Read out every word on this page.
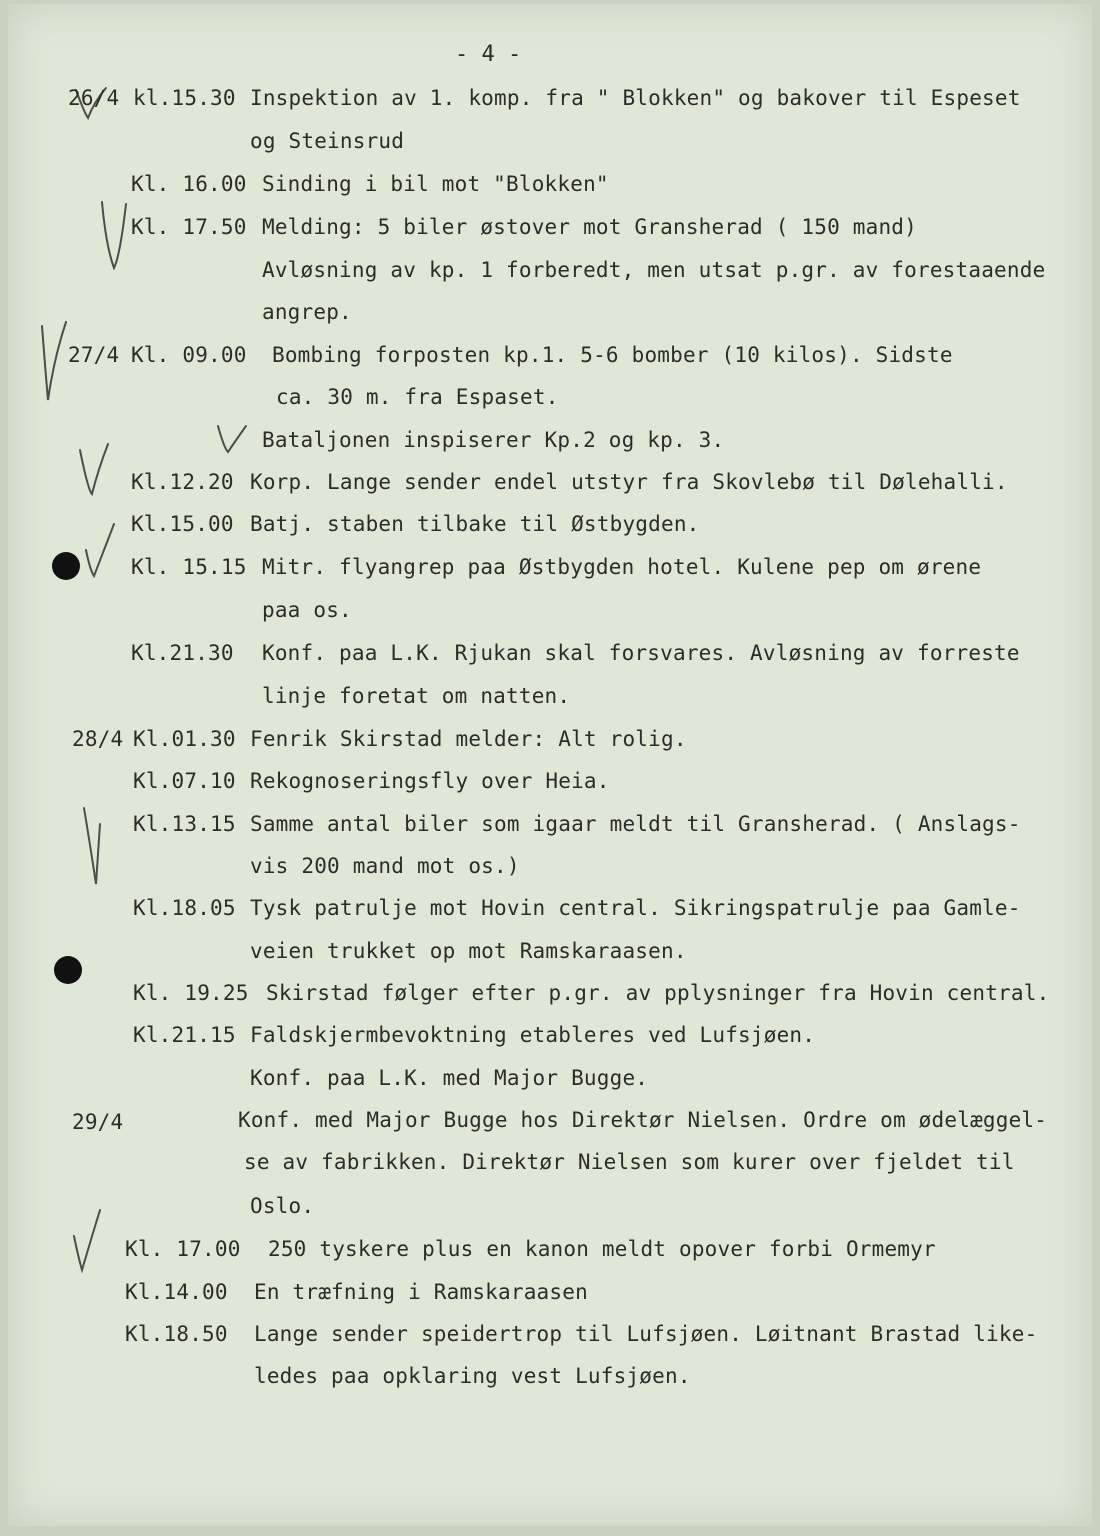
- 4 -
26/4 kl.15.30 Inspektion av 1. komp. fra " Blokken" og bakover til Espeset
og Steinsrud
Kl. 16.00 Sinding i bil mot "Blokken"
Kl. 17.50 Melding: 5 biler østover mot Gransherad ( 150 mand)
Avløsning av kp. 1 forberedt, men utsat p.gr. av forestaaende
angrep.
27/4 Kl. 09.00 Bombing forposten kp.1. 5-6 bomber (10 kilos). Sidste
ca. 30 m. fra Espaset.
Bataljonen inspiserer Kp.2 og kp. 3.
Kl.12.20 Korp. Lange sender endel utstyr fra Skovlebø til Dølehalli.
Kl.15.00 Batj. staben tilbake til Østbygden.
Kl. 15.15 Mitr. flyangrep paa Østbygden hotel. Kulene pep om ørene
paa os.
Kl.21.30 Konf. paa L.K. Rjukan skal forsvares. Avløsning av forreste
linje foretat om natten.
28/4 Kl.01.30 Fenrik Skirstad melder: Alt rolig.
Kl.07.10 Rekognoseringsfly over Heia.
Kl.13.15 Samme antal biler som igaar meldt til Gransherad. ( Anslags-
vis 200 mand mot os.)
Kl.18.05 Tysk patrulje mot Hovin central. Sikringspatrulje paa Gamle-
veien trukket op mot Ramskaraasen.
Kl. 19.25 Skirstad følger efter p.gr. av pplysninger fra Hovin central.
Kl.21.15 Faldskjermbevoktning etableres ved Lufsjøen.
Konf. paa L.K. med Major Bugge.
29/4	Konf. med Major Bugge hos Direktør Nielsen. Ordre om ødelæggel-
se av fabrikken. Direktør Nielsen som kurer over fjeldet til
Oslo.
Kl. 17.00 250 tyskere plus en kanon meldt opover forbi Ormemyr
Kl.14.00 En træfning i Ramskaraasen
Kl.18.50 Lange sender speidertrop til Lufsjøen. Løitnant Brastad like-
ledes paa opklaring vest Lufsjøen.
